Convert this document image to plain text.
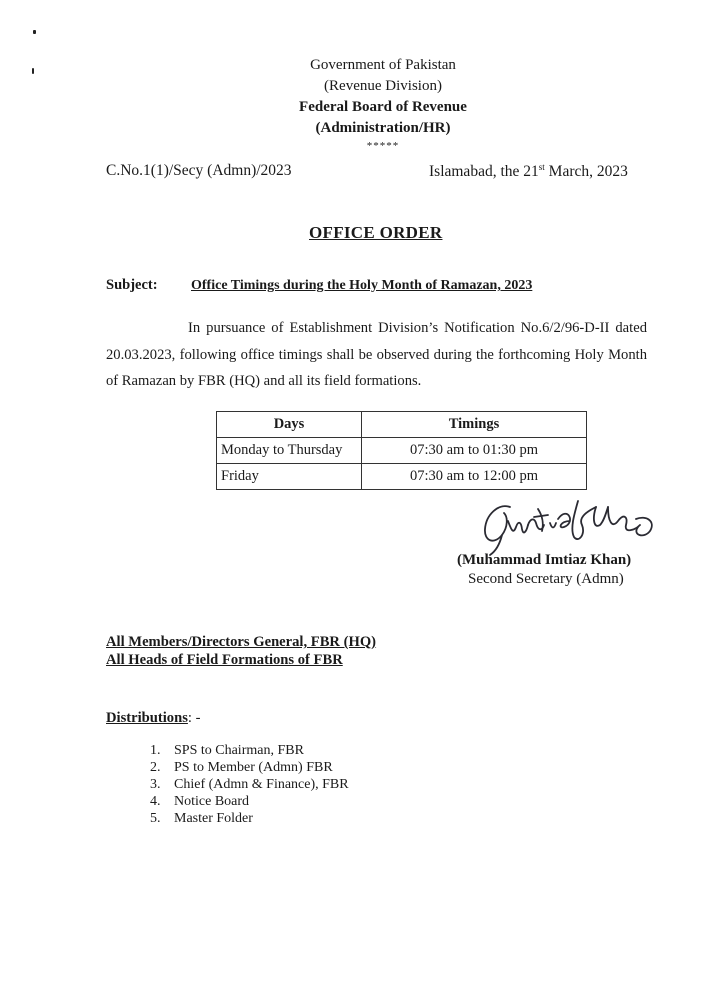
Government of Pakistan
(Revenue Division)
Federal Board of Revenue
(Administration/HR)
*****
C.No.1(1)/Secy (Admn)/2023	Islamabad, the 21st March, 2023
OFFICE ORDER
Subject: Office Timings during the Holy Month of Ramazan, 2023
In pursuance of Establishment Division’s Notification No.6/2/96-D-II dated 20.03.2023, following office timings shall be observed during the forthcoming Holy Month of Ramazan by FBR (HQ) and all its field formations.
Days	Timings
Monday to Thursday	07:30 am to 01:30 pm
Friday	07:30 am to 12:00 pm
(Muhammad Imtiaz Khan)
Second Secretary (Admn)
All Members/Directors General, FBR (HQ)
All Heads of Field Formations of FBR
Distributions: -
1. SPS to Chairman, FBR
2. PS to Member (Admn) FBR
3. Chief (Admn & Finance), FBR
4. Notice Board
5. Master Folder
